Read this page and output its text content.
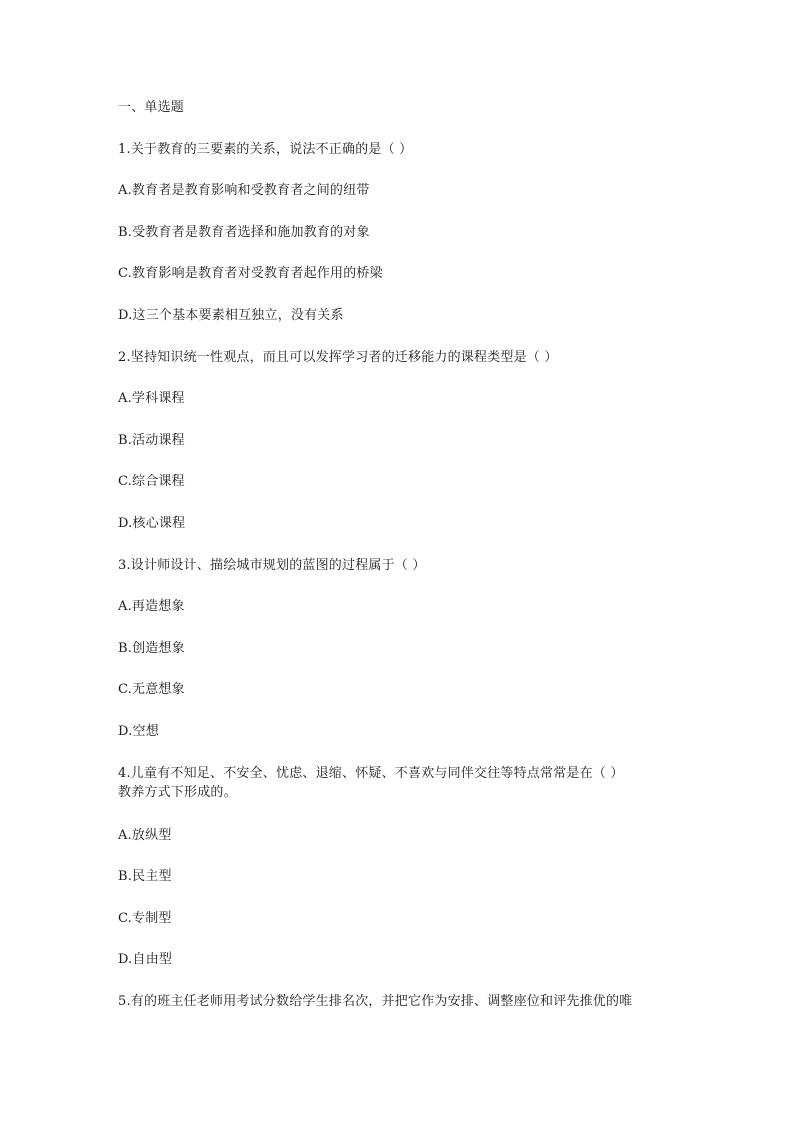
一、单选题
1.关于教育的三要素的关系，说法不正确的是（ ）
A.教育者是教育影响和受教育者之间的纽带
B.受教育者是教育者选择和施加教育的对象
C.教育影响是教育者对受教育者起作用的桥梁
D.这三个基本要素相互独立，没有关系
2.坚持知识统一性观点，而且可以发挥学习者的迁移能力的课程类型是（ ）
A.学科课程
B.活动课程
C.综合课程
D.核心课程
3.设计师设计、描绘城市规划的蓝图的过程属于（ ）
A.再造想象
B.创造想象
C.无意想象
D.空想
4.儿童有不知足、不安全、忧虑、退缩、怀疑、不喜欢与同伴交往等特点常常是在（ ）
教养方式下形成的。
A.放纵型
B.民主型
C.专制型
D.自由型
5.有的班主任老师用考试分数给学生排名次，并把它作为安排、调整座位和评先推优的唯
